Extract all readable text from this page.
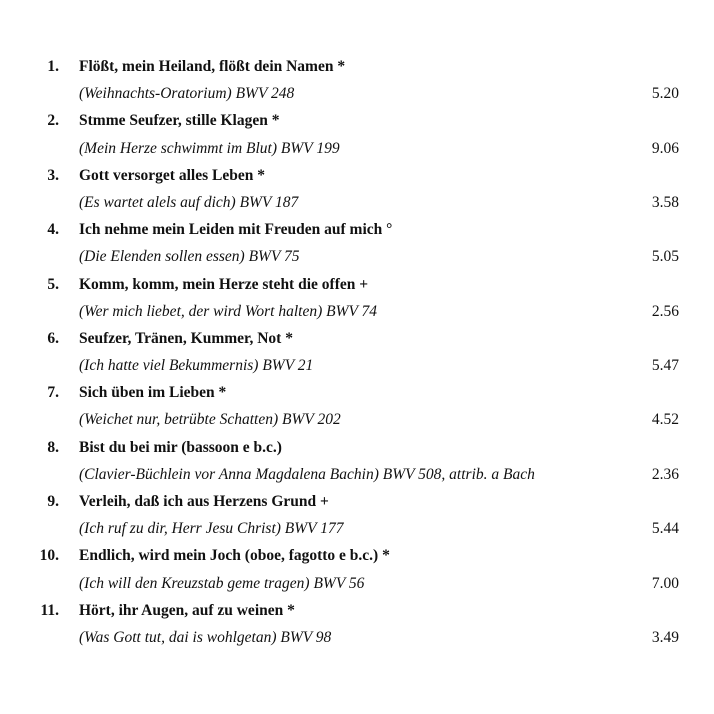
1. Flößt, mein Heiland, flößt dein Namen *
(Weihnachts-Oratorium) BWV 248	5.20
2. Stmme Seufzer, stille Klagen *
(Mein Herze schwimmt im Blut) BWV 199	9.06
3. Gott versorget alles Leben *
(Es wartet alels auf dich) BWV 187	3.58
4. Ich nehme mein Leiden mit Freuden auf mich °
(Die Elenden sollen essen) BWV 75	5.05
5. Komm, komm, mein Herze steht die offen +
(Wer mich liebet, der wird Wort halten) BWV 74	2.56
6. Seufzer, Tränen, Kummer, Not *
(Ich hatte viel Bekummernis) BWV 21	5.47
7. Sich üben im Lieben *
(Weichet nur, betrübte Schatten) BWV 202	4.52
8. Bist du bei mir (bassoon e b.c.)
(Clavier-Büchlein vor Anna Magdalena Bachin) BWV 508, attrib. a Bach	2.36
9. Verleih, daß ich aus Herzens Grund +
(Ich ruf zu dir, Herr Jesu Christ) BWV 177	5.44
10. Endlich, wird mein Joch (oboe, fagotto e b.c.) *
(Ich will den Kreuzstab geme tragen) BWV 56	7.00
11. Hört, ihr Augen, auf zu weinen *
(Was Gott tut, dai is wohlgetan) BWV 98	3.49
